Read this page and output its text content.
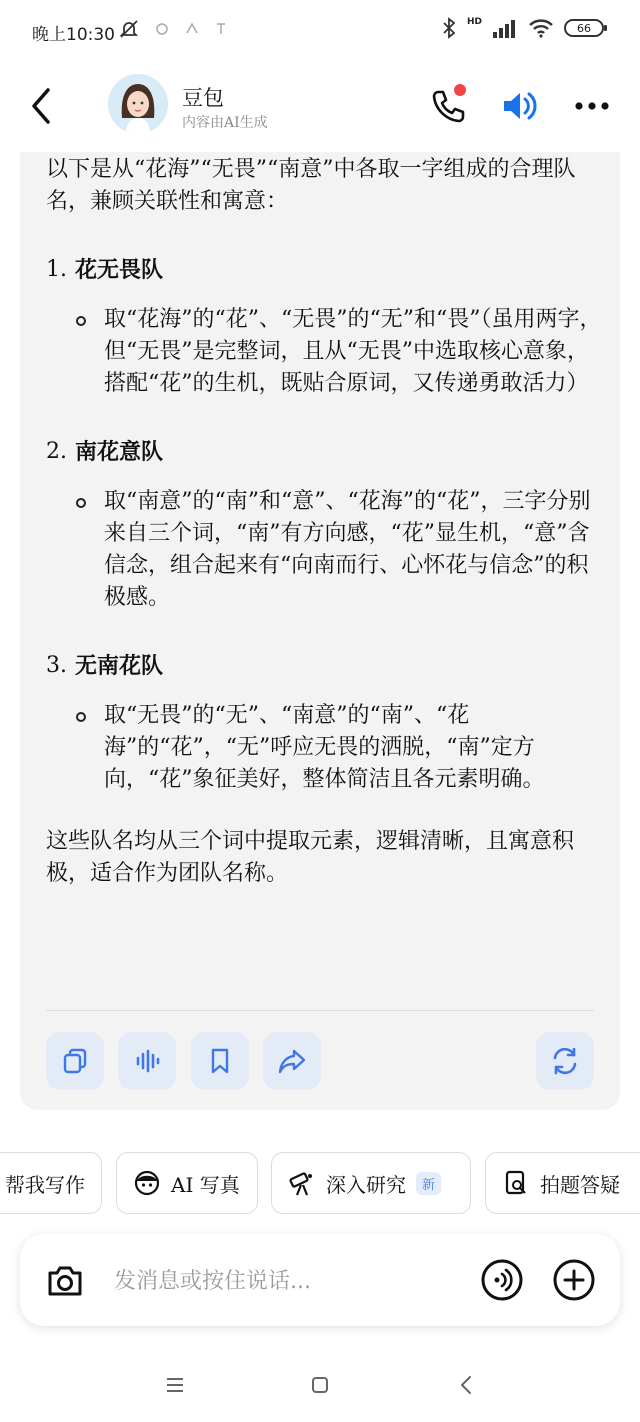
晚上10:30
HD	66
豆包
内容由AI生成

以下是从“花海”“无畏”“南意”中各取一字组成的合理队名，兼顾关联性和寓意：

1. 花无畏队
取“花海”的“花”、“无畏”的“无”和“畏”（虽用两字，但“无畏”是完整词，且从“无畏”中选取核心意象，搭配“花”的生机，既贴合原词，又传递勇敢活力）
2. 南花意队
取“南意”的“南”和“意”、“花海”的“花”，三字分别来自三个词，“南”有方向感，“花”显生机，“意”含信念，组合起来有“向南而行、心怀花与信念”的积极感。
3. 无南花队
取“无畏”的“无”、“南意”的“南”、“花海”的“花”，“无”呼应无畏的洒脱，“南”定方向，“花”象征美好，整体简洁且各元素明确。

这些队名均从三个词中提取元素，逻辑清晰，且寓意积极，适合作为团队名称。

帮我写作	AI 写真	深入研究	新	拍题答疑
发消息或按住说话...
